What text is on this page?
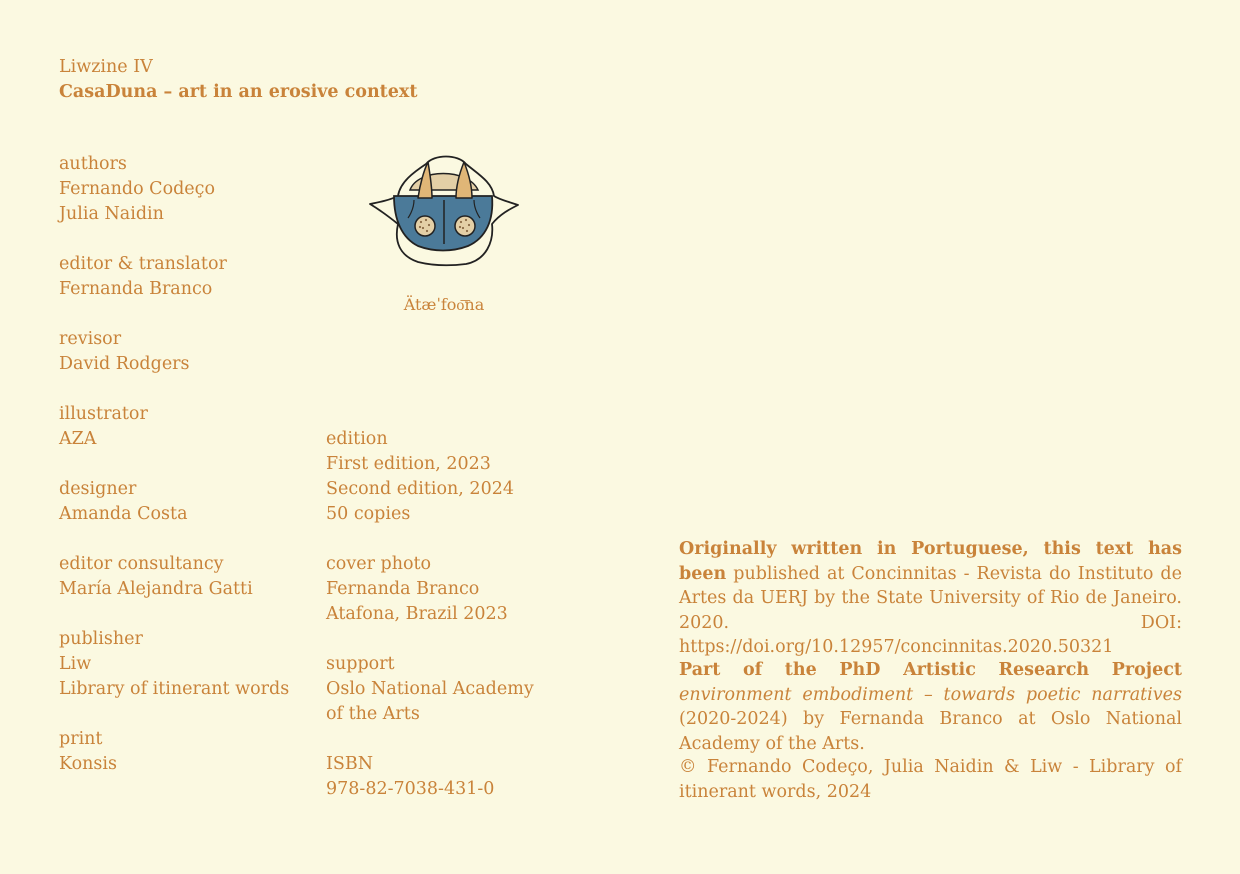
Liwzine IV

CasaDuna – art in an erosive context

authors

Fernando Codeço

Julia Naidin

editor & translator

Fernanda Branco

revisor

David Rodgers

illustrator

AZA

designer

Amanda Costa

editor consultancy

María Alejandra Gatti

publisher

Liw

Library of itinerant words

print

Konsis

edition

First edition, 2023

Second edition, 2024

50 copies

cover photo

Fernanda Branco

Atafona, Brazil 2023

support

Oslo National Academy

of the Arts

ISBN

978-82-7038-431-0

Ätæˈfoo͞na

Originally written in Portuguese, this text has been published at Concinnitas - Revista do Instituto de Artes da UERJ by the State University of Rio de Janeiro. 2020. DOI: https://doi.org/10.12957/concinnitas.2020.50321

Part of the PhD Artistic Research Project environment embodiment – towards poetic narratives (2020-2024) by Fernanda Branco at Oslo National Academy of the Arts.

© Fernando Codeço, Julia Naidin & Liw - Library of itinerant words, 2024
